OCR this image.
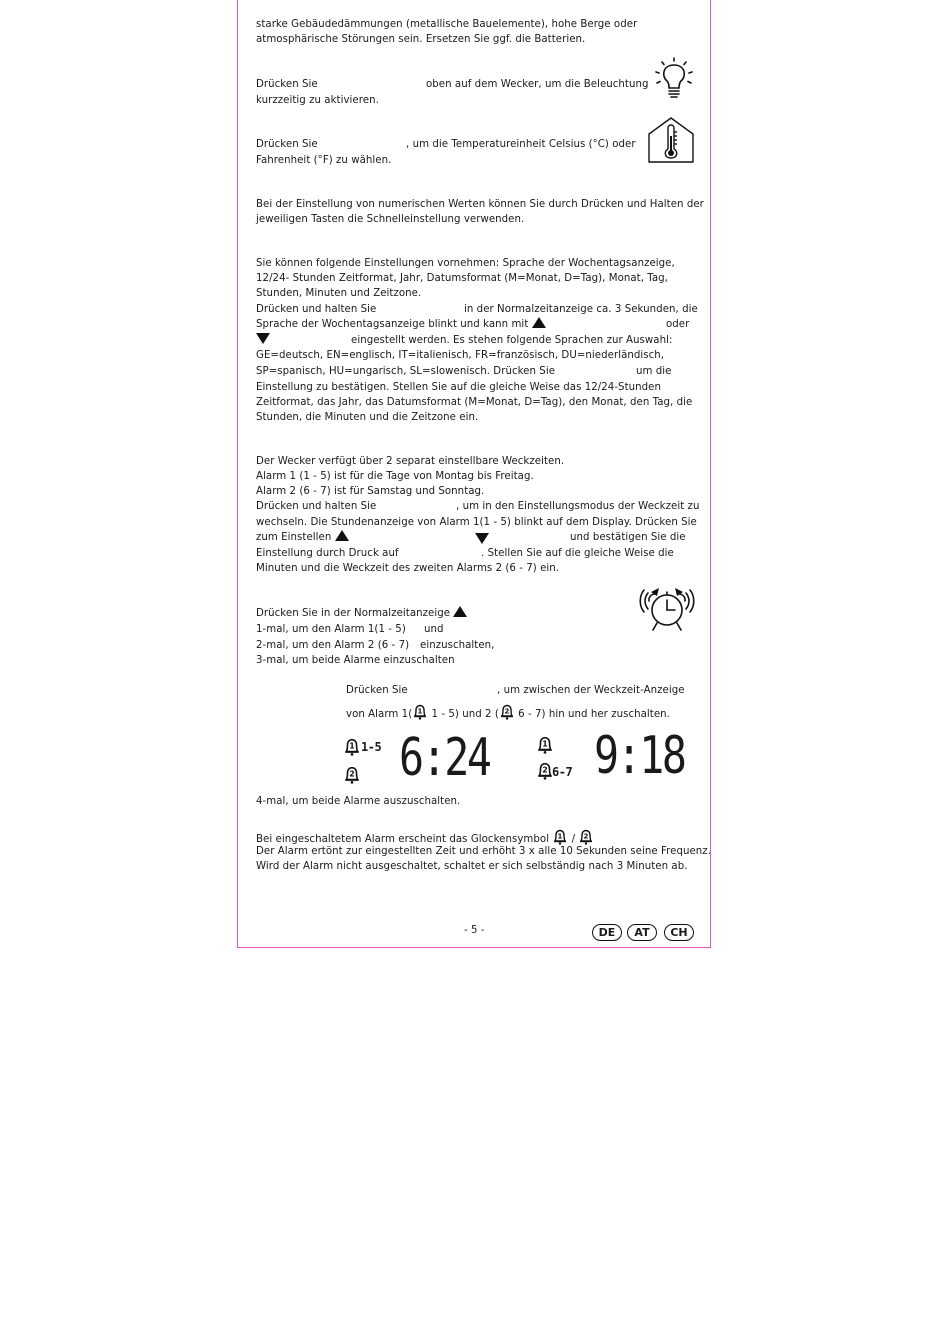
starke Gebäudedämmungen (metallische Bauelemente), hohe Berge oder
atmosphärische Störungen sein. Ersetzen Sie ggf. die Batterien.
Drücken Sie	oben auf dem Wecker, um die Beleuchtung
kurzzeitig zu aktivieren.
Drücken Sie	, um die Temperatureinheit Celsius (°C) oder
Fahrenheit (°F) zu wählen.
Bei der Einstellung von numerischen Werten können Sie durch Drücken und Halten der
jeweiligen Tasten die Schnelleinstellung verwenden.
Sie können folgende Einstellungen vornehmen: Sprache der Wochentagsanzeige,
12/24- Stunden Zeitformat, Jahr, Datumsformat (M=Monat, D=Tag), Monat, Tag,
Stunden, Minuten und Zeitzone.
Drücken und halten Sie	in der Normalzeitanzeige ca. 3 Sekunden, die
Sprache der Wochentagsanzeige blinkt und kann mit	oder
eingestellt werden. Es stehen folgende Sprachen zur Auswahl:
GE=deutsch, EN=englisch, IT=italienisch, FR=französisch, DU=niederländisch,
SP=spanisch, HU=ungarisch, SL=slowenisch. Drücken Sie	um die
Einstellung zu bestätigen. Stellen Sie auf die gleiche Weise das 12/24-Stunden
Zeitformat, das Jahr, das Datumsformat (M=Monat, D=Tag), den Monat, den Tag, die
Stunden, die Minuten und die Zeitzone ein.
Der Wecker verfügt über 2 separat einstellbare Weckzeiten.
Alarm 1 (1 - 5) ist für die Tage von Montag bis Freitag.
Alarm 2 (6 - 7) ist für Samstag und Sonntag.
Drücken und halten Sie	, um in den Einstellungsmodus der Weckzeit zu
wechseln. Die Stundenanzeige von Alarm 1(1 - 5) blinkt auf dem Display. Drücken Sie
zum Einstellen	und bestätigen Sie die
Einstellung durch Druck auf	. Stellen Sie auf die gleiche Weise die
Minuten und die Weckzeit des zweiten Alarms 2 (6 - 7) ein.
Drücken Sie in der Normalzeitanzeige
1-mal, um den Alarm 1(1 - 5) und
2-mal, um den Alarm 2 (6 - 7) einzuschalten,
3-mal, um beide Alarme einzuschalten
Drücken Sie	, um zwischen der Weckzeit-Anzeige
von Alarm 1( 1 1 - 5) und 2 ( 2 6 - 7) hin und her zuschalten.
1 1-5
2 6:24	1
2 6-7 9:18
4-mal, um beide Alarme auszuschalten.
Bei eingeschaltetem Alarm erscheint das Glockensymbol 1 / 2
Der Alarm ertönt zur eingestellten Zeit und erhöht 3 x alle 10 Sekunden seine Frequenz.
Wird der Alarm nicht ausgeschaltet, schaltet er sich selbständig nach 3 Minuten ab.
- 5 -	DE	AT	CH
